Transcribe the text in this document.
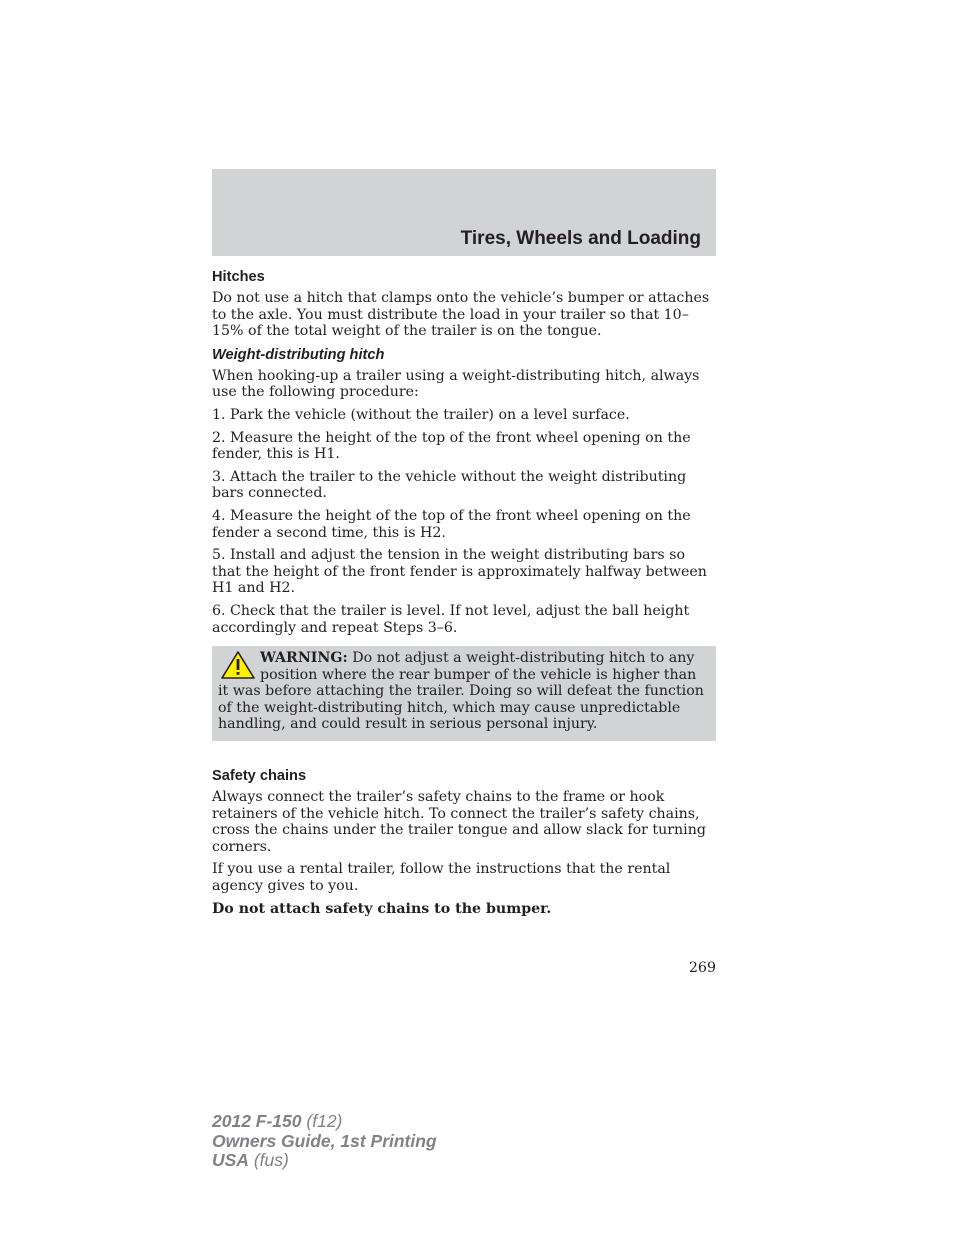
Tires, Wheels and Loading
Hitches

Do not use a hitch that clamps onto the vehicle’s bumper or attaches to the axle. You must distribute the load in your trailer so that 10–15% of the total weight of the trailer is on the tongue.

Weight-distributing hitch

When hooking-up a trailer using a weight-distributing hitch, always use the following procedure:

1. Park the vehicle (without the trailer) on a level surface.

2. Measure the height of the top of the front wheel opening on the fender, this is H1.

3. Attach the trailer to the vehicle without the weight distributing bars connected.

4. Measure the height of the top of the front wheel opening on the fender a second time, this is H2.

5. Install and adjust the tension in the weight distributing bars so that the height of the front fender is approximately halfway between H1 and H2.

6. Check that the trailer is level. If not level, adjust the ball height accordingly and repeat Steps 3–6.

WARNING: Do not adjust a weight-distributing hitch to any position where the rear bumper of the vehicle is higher than it was before attaching the trailer. Doing so will defeat the function of the weight-distributing hitch, which may cause unpredictable handling, and could result in serious personal injury.
Safety chains

Always connect the trailer’s safety chains to the frame or hook retainers of the vehicle hitch. To connect the trailer’s safety chains, cross the chains under the trailer tongue and allow slack for turning corners.

If you use a rental trailer, follow the instructions that the rental agency gives to you.

Do not attach safety chains to the bumper.

269
2012 F-150 (f12)
Owners Guide, 1st Printing
USA (fus)
